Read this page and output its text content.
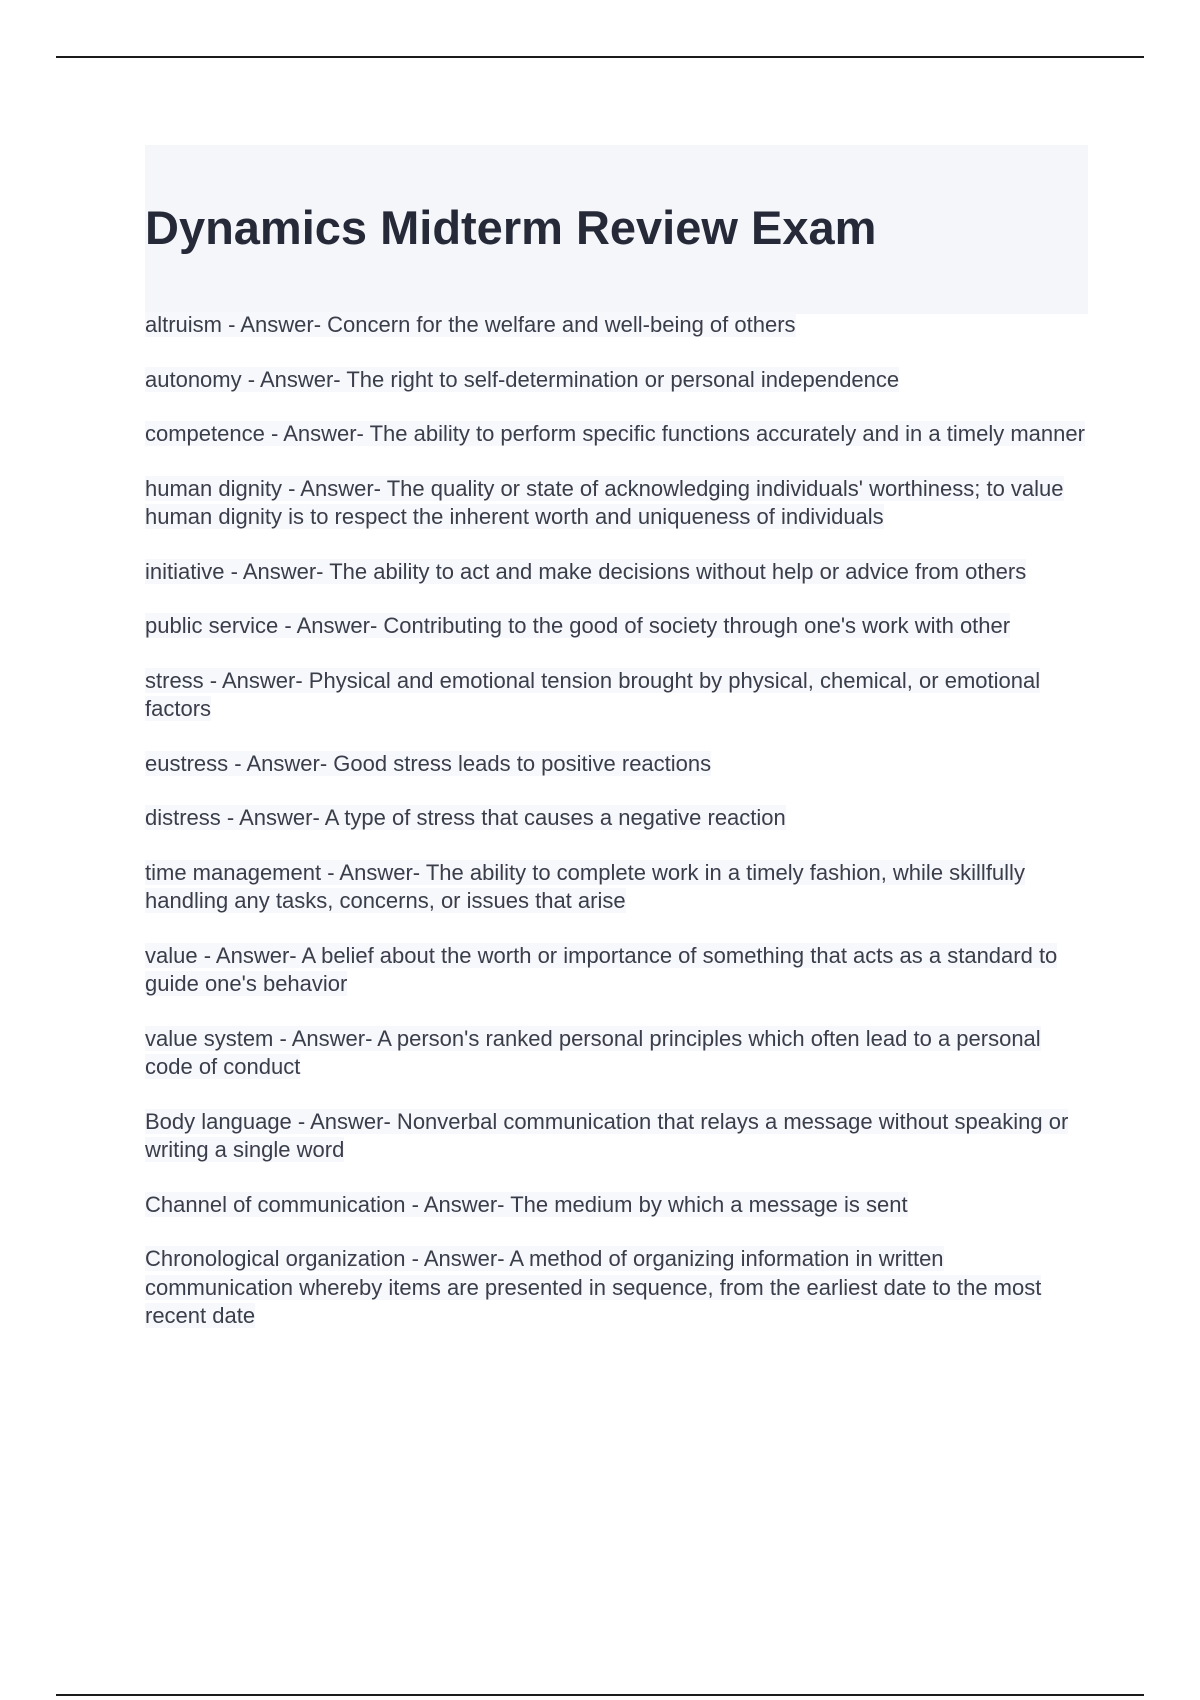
Dynamics Midterm Review Exam

altruism - Answer- Concern for the welfare and well-being of others

autonomy - Answer- The right to self-determination or personal independence

competence - Answer- The ability to perform specific functions accurately and in a timely manner

human dignity - Answer- The quality or state of acknowledging individuals' worthiness; to value human dignity is to respect the inherent worth and uniqueness of individuals

initiative - Answer- The ability to act and make decisions without help or advice from others

public service - Answer- Contributing to the good of society through one's work with other

stress - Answer- Physical and emotional tension brought by physical, chemical, or emotional factors

eustress - Answer- Good stress leads to positive reactions

distress - Answer- A type of stress that causes a negative reaction

time management - Answer- The ability to complete work in a timely fashion, while skillfully handling any tasks, concerns, or issues that arise

value - Answer- A belief about the worth or importance of something that acts as a standard to guide one's behavior

value system - Answer- A person's ranked personal principles which often lead to a personal code of conduct

Body language - Answer- Nonverbal communication that relays a message without speaking or writing a single word

Channel of communication - Answer- The medium by which a message is sent

Chronological organization - Answer- A method of organizing information in written communication whereby items are presented in sequence, from the earliest date to the most recent date
